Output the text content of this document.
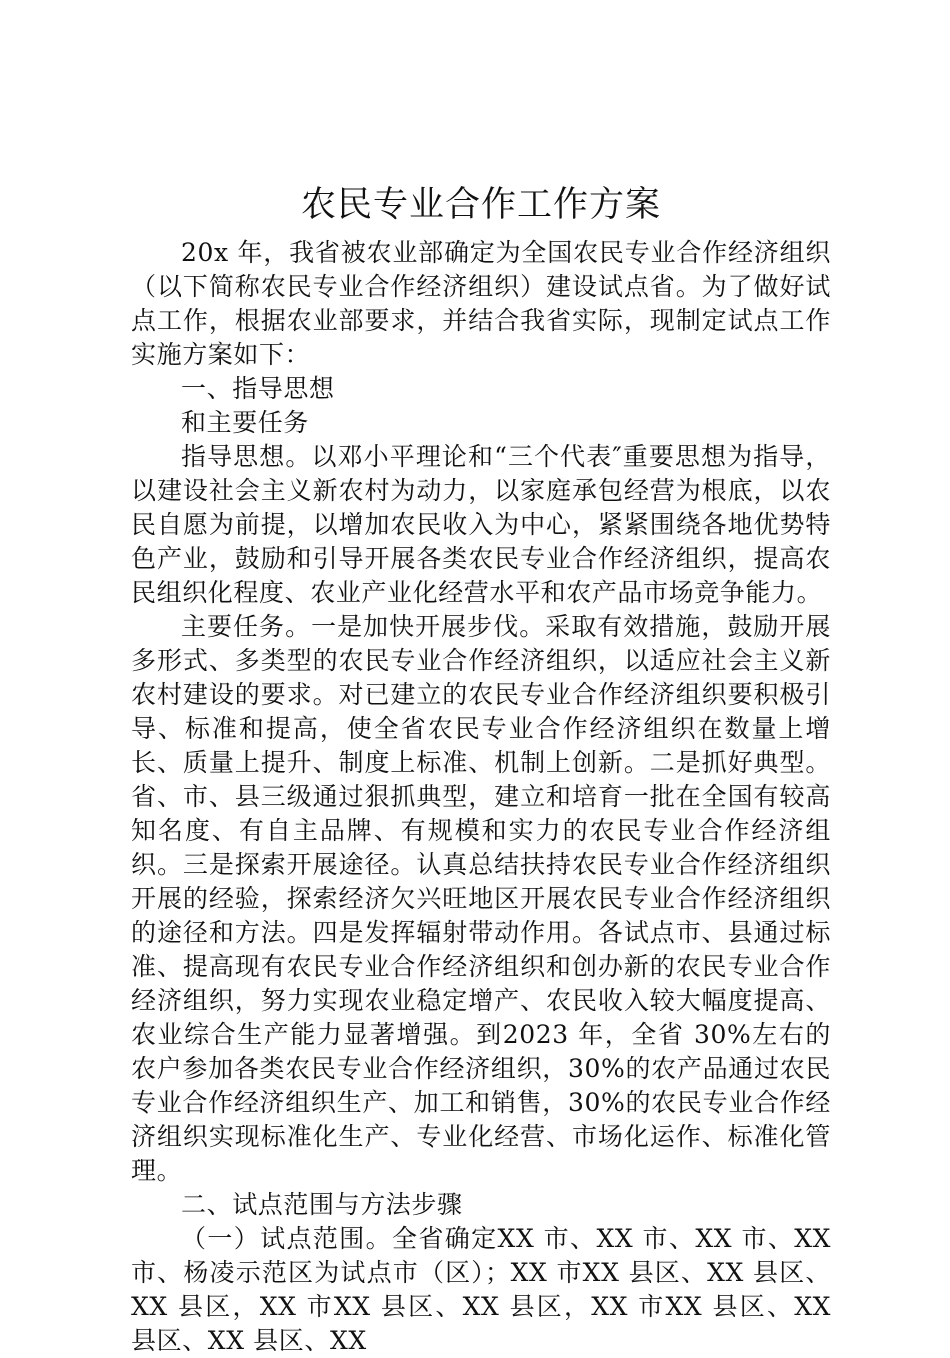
农民专业合作工作方案

20x 年，我省被农业部确定为全国农民专业合作经济组织（以下简称农民专业合作经济组织）建设试点省。为了做好试点工作，根据农业部要求，并结合我省实际，现制定试点工作实施方案如下：

一、指导思想

和主要任务

指导思想。以邓小平理论和“三个代表″重要思想为指导，以建设社会主义新农村为动力，以家庭承包经营为根底，以农民自愿为前提，以增加农民收入为中心，紧紧围绕各地优势特色产业，鼓励和引导开展各类农民专业合作经济组织，提高农民组织化程度、农业产业化经营水平和农产品市场竞争能力。

主要任务。一是加快开展步伐。采取有效措施，鼓励开展多形式、多类型的农民专业合作经济组织，以适应社会主义新农村建设的要求。对已建立的农民专业合作经济组织要积极引导、标准和提高，使全省农民专业合作经济组织在数量上增长、质量上提升、制度上标准、机制上创新。二是抓好典型。省、市、县三级通过狠抓典型，建立和培育一批在全国有较高知名度、有自主品牌、有规模和实力的农民专业合作经济组织。三是探索开展途径。认真总结扶持农民专业合作经济组织开展的经验，探索经济欠兴旺地区开展农民专业合作经济组织的途径和方法。四是发挥辐射带动作用。各试点市、县通过标准、提高现有农民专业合作经济组织和创办新的农民专业合作经济组织，努力实现农业稳定增产、农民收入较大幅度提高、农业综合生产能力显著增强。到2023 年，全省 30%左右的农户参加各类农民专业合作经济组织，30%的农产品通过农民专业合作经济组织生产、加工和销售，30%的农民专业合作经济组织实现标准化生产、专业化经营、市场化运作、标准化管理。

二、试点范围与方法步骤

（一）试点范围。全省确定XX 市、XX 市、XX 市、XX 市、杨凌示范区为试点市（区）；XX 市XX 县区、XX 县区、XX 县区，XX 市XX 县区、XX 县区，XX 市XX 县区、XX 县区、XX 县区、XX
